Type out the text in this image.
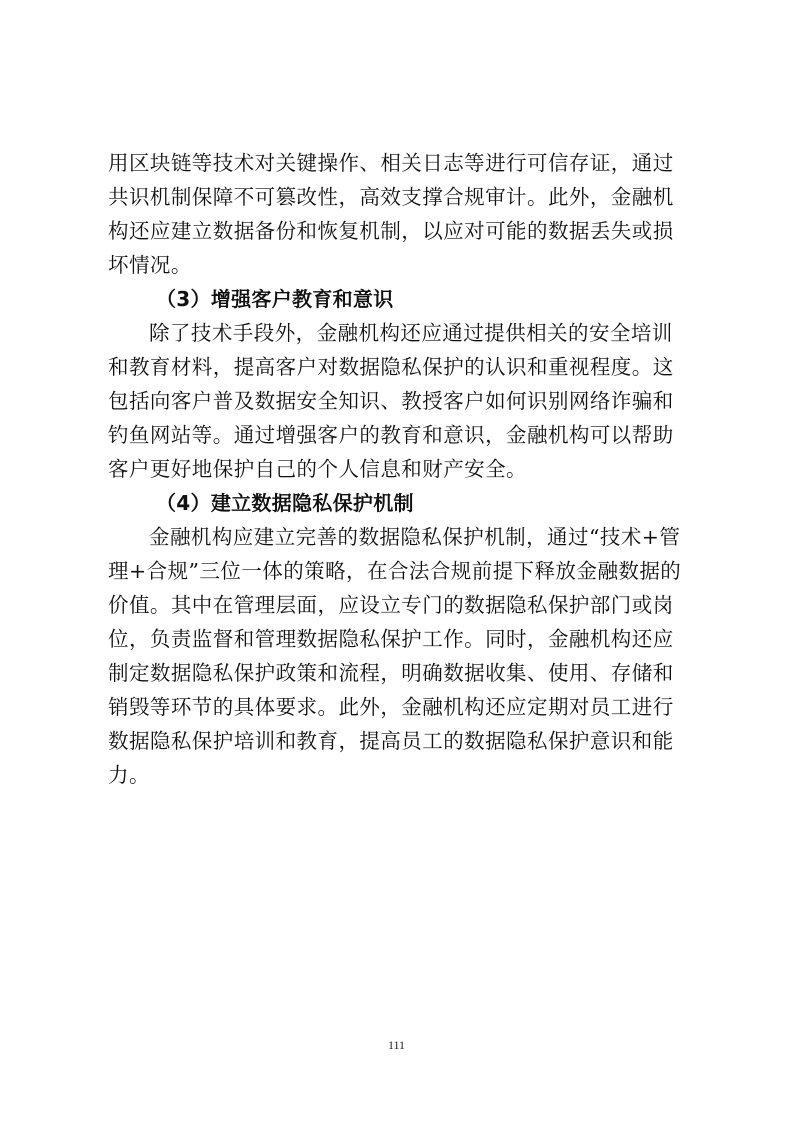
用区块链等技术对关键操作、相关日志等进行可信存证，通过
共识机制保障不可篡改性，高效支撑合规审计。此外，金融机
构还应建立数据备份和恢复机制，以应对可能的数据丢失或损
坏情况。
（3）增强客户教育和意识
除了技术手段外，金融机构还应通过提供相关的安全培训
和教育材料，提高客户对数据隐私保护的认识和重视程度。这
包括向客户普及数据安全知识、教授客户如何识别网络诈骗和
钓鱼网站等。通过增强客户的教育和意识，金融机构可以帮助
客户更好地保护自己的个人信息和财产安全。
（4）建立数据隐私保护机制
金融机构应建立完善的数据隐私保护机制，通过“技术+管
理+合规”三位一体的策略，在合法合规前提下释放金融数据的
价值。其中在管理层面，应设立专门的数据隐私保护部门或岗
位，负责监督和管理数据隐私保护工作。同时，金融机构还应
制定数据隐私保护政策和流程，明确数据收集、使用、存储和
销毁等环节的具体要求。此外，金融机构还应定期对员工进行
数据隐私保护培训和教育，提高员工的数据隐私保护意识和能
力。
111
